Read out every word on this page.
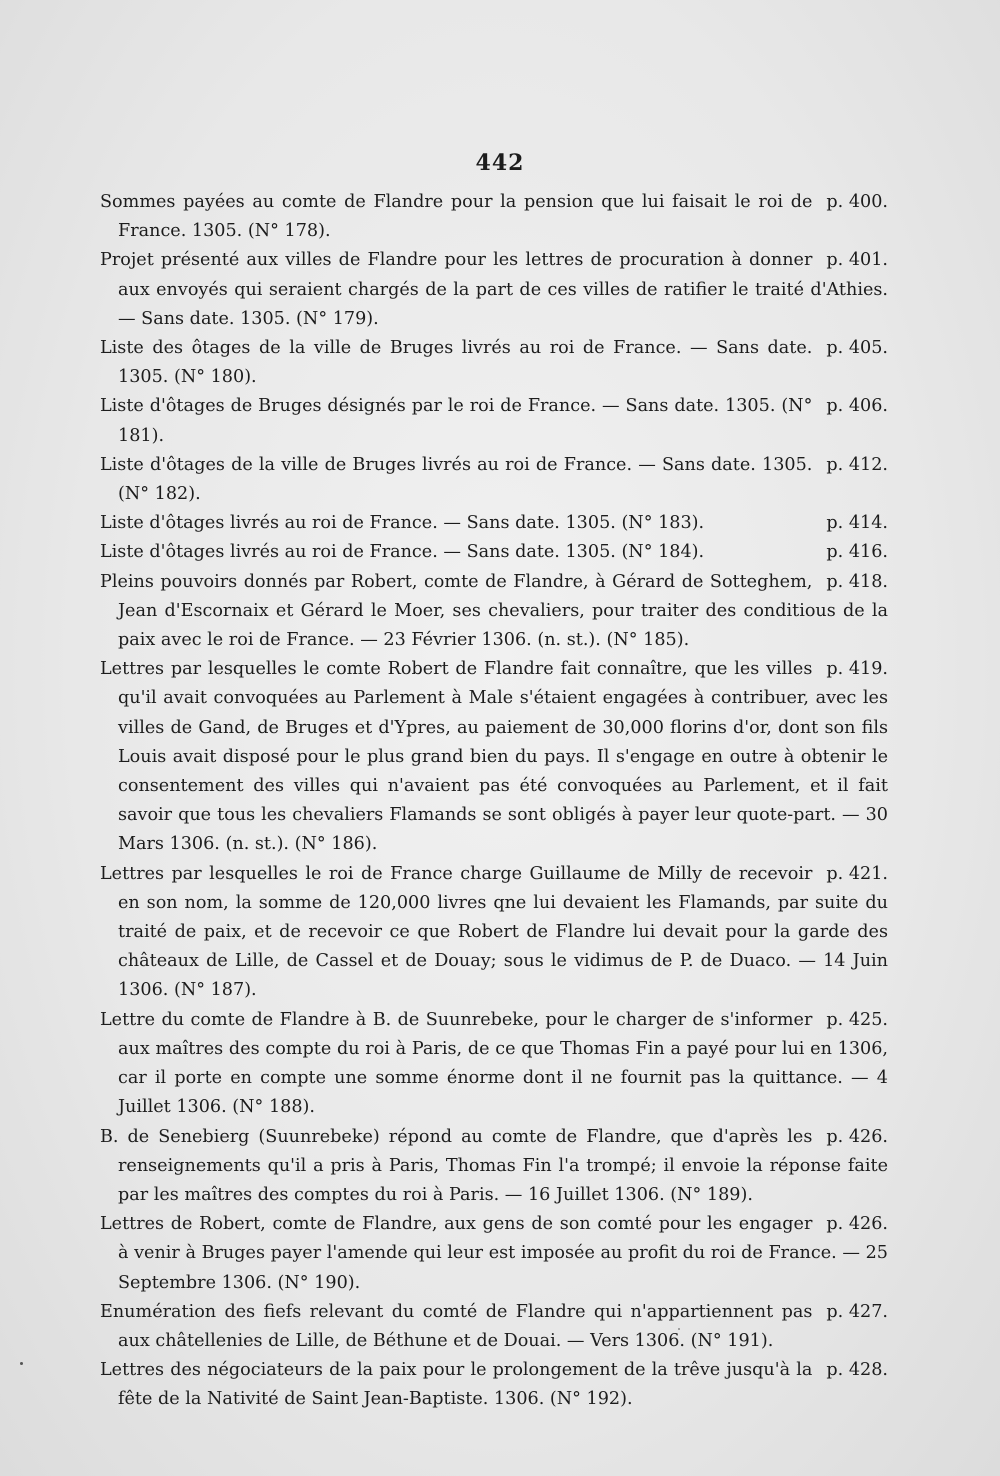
442
p. 400.
Sommes payées au comte de Flandre pour la pension que lui faisait le roi de France. 1305. (N° 178).
p. 401.
Projet présenté aux villes de Flandre pour les lettres de procuration à donner aux envoyés qui seraient chargés de la part de ces villes de ratifier le traité d'Athies. — Sans date. 1305. (N° 179).
p. 405.
Liste des ôtages de la ville de Bruges livrés au roi de France. — Sans date. 1305. (N° 180).
p. 406.
Liste d'ôtages de Bruges désignés par le roi de France. — Sans date. 1305. (N° 181).
p. 412.
Liste d'ôtages de la ville de Bruges livrés au roi de France. — Sans date. 1305. (N° 182).
p. 414.
Liste d'ôtages livrés au roi de France. — Sans date. 1305. (N° 183).
p. 416.
Liste d'ôtages livrés au roi de France. — Sans date. 1305. (N° 184).
p. 418.
Pleins pouvoirs donnés par Robert, comte de Flandre, à Gérard de Sotteghem, Jean d'Escornaix et Gérard le Moer, ses chevaliers, pour traiter des conditious de la paix avec le roi de France. — 23 Février 1306. (n. st.). (N° 185).
p. 419.
Lettres par lesquelles le comte Robert de Flandre fait connaître, que les villes qu'il avait convoquées au Parlement à Male s'étaient engagées à contribuer, avec les villes de Gand, de Bruges et d'Ypres, au paiement de 30,000 florins d'or, dont son fils Louis avait disposé pour le plus grand bien du pays. Il s'engage en outre à obtenir le consentement des villes qui n'avaient pas été convoquées au Parlement, et il fait savoir que tous les chevaliers Flamands se sont obligés à payer leur quote-part. — 30 Mars 1306. (n. st.). (N° 186).
p. 421.
Lettres par lesquelles le roi de France charge Guillaume de Milly de recevoir en son nom, la somme de 120,000 livres qne lui devaient les Flamands, par suite du traité de paix, et de recevoir ce que Robert de Flandre lui devait pour la garde des châteaux de Lille, de Cassel et de Douay; sous le vidimus de P. de Duaco. — 14 Juin 1306. (N° 187).
p. 425.
Lettre du comte de Flandre à B. de Suunrebeke, pour le charger de s'informer aux maîtres des compte du roi à Paris, de ce que Thomas Fin a payé pour lui en 1306, car il porte en compte une somme énorme dont il ne fournit pas la quittance. — 4 Juillet 1306. (N° 188).
p. 426.
B. de Senebierg (Suunrebeke) répond au comte de Flandre, que d'après les renseignements qu'il a pris à Paris, Thomas Fin l'a trompé; il envoie la réponse faite par les maîtres des comptes du roi à Paris. — 16 Juillet 1306. (N° 189).
p. 426.
Lettres de Robert, comte de Flandre, aux gens de son comté pour les engager à venir à Bruges payer l'amende qui leur est imposée au profit du roi de France. — 25 Septembre 1306. (N° 190).
p. 427.
Enumération des fiefs relevant du comté de Flandre qui n'appartiennent pas aux châtellenies de Lille, de Béthune et de Douai. — Vers 1306. (N° 191).
p. 428.
Lettres des négociateurs de la paix pour le prolongement de la trêve jusqu'à la fête de la Nativité de Saint Jean-Baptiste. 1306. (N° 192).
